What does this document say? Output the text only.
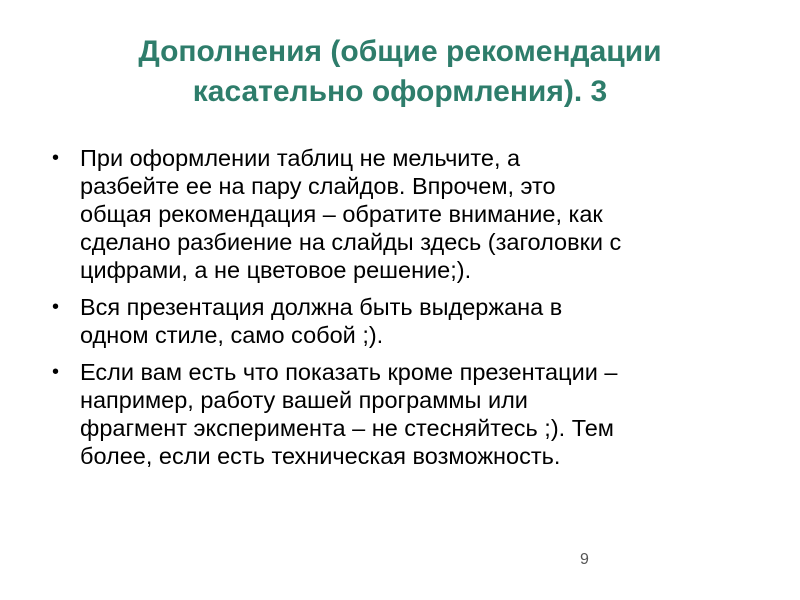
Дополнения (общие рекомендации
касательно оформления). 3
• При оформлении таблиц не мельчите, а
разбейте ее на пару слайдов. Впрочем, это
общая рекомендация – обратите внимание, как
сделано разбиение на слайды здесь (заголовки с
цифрами, а не цветовое решение;).
• Вся презентация должна быть выдержана в
одном стиле, само собой ;).
• Если вам есть что показать кроме презентации –
например, работу вашей программы или
фрагмент эксперимента – не стесняйтесь ;). Тем
более, если есть техническая возможность.
9
